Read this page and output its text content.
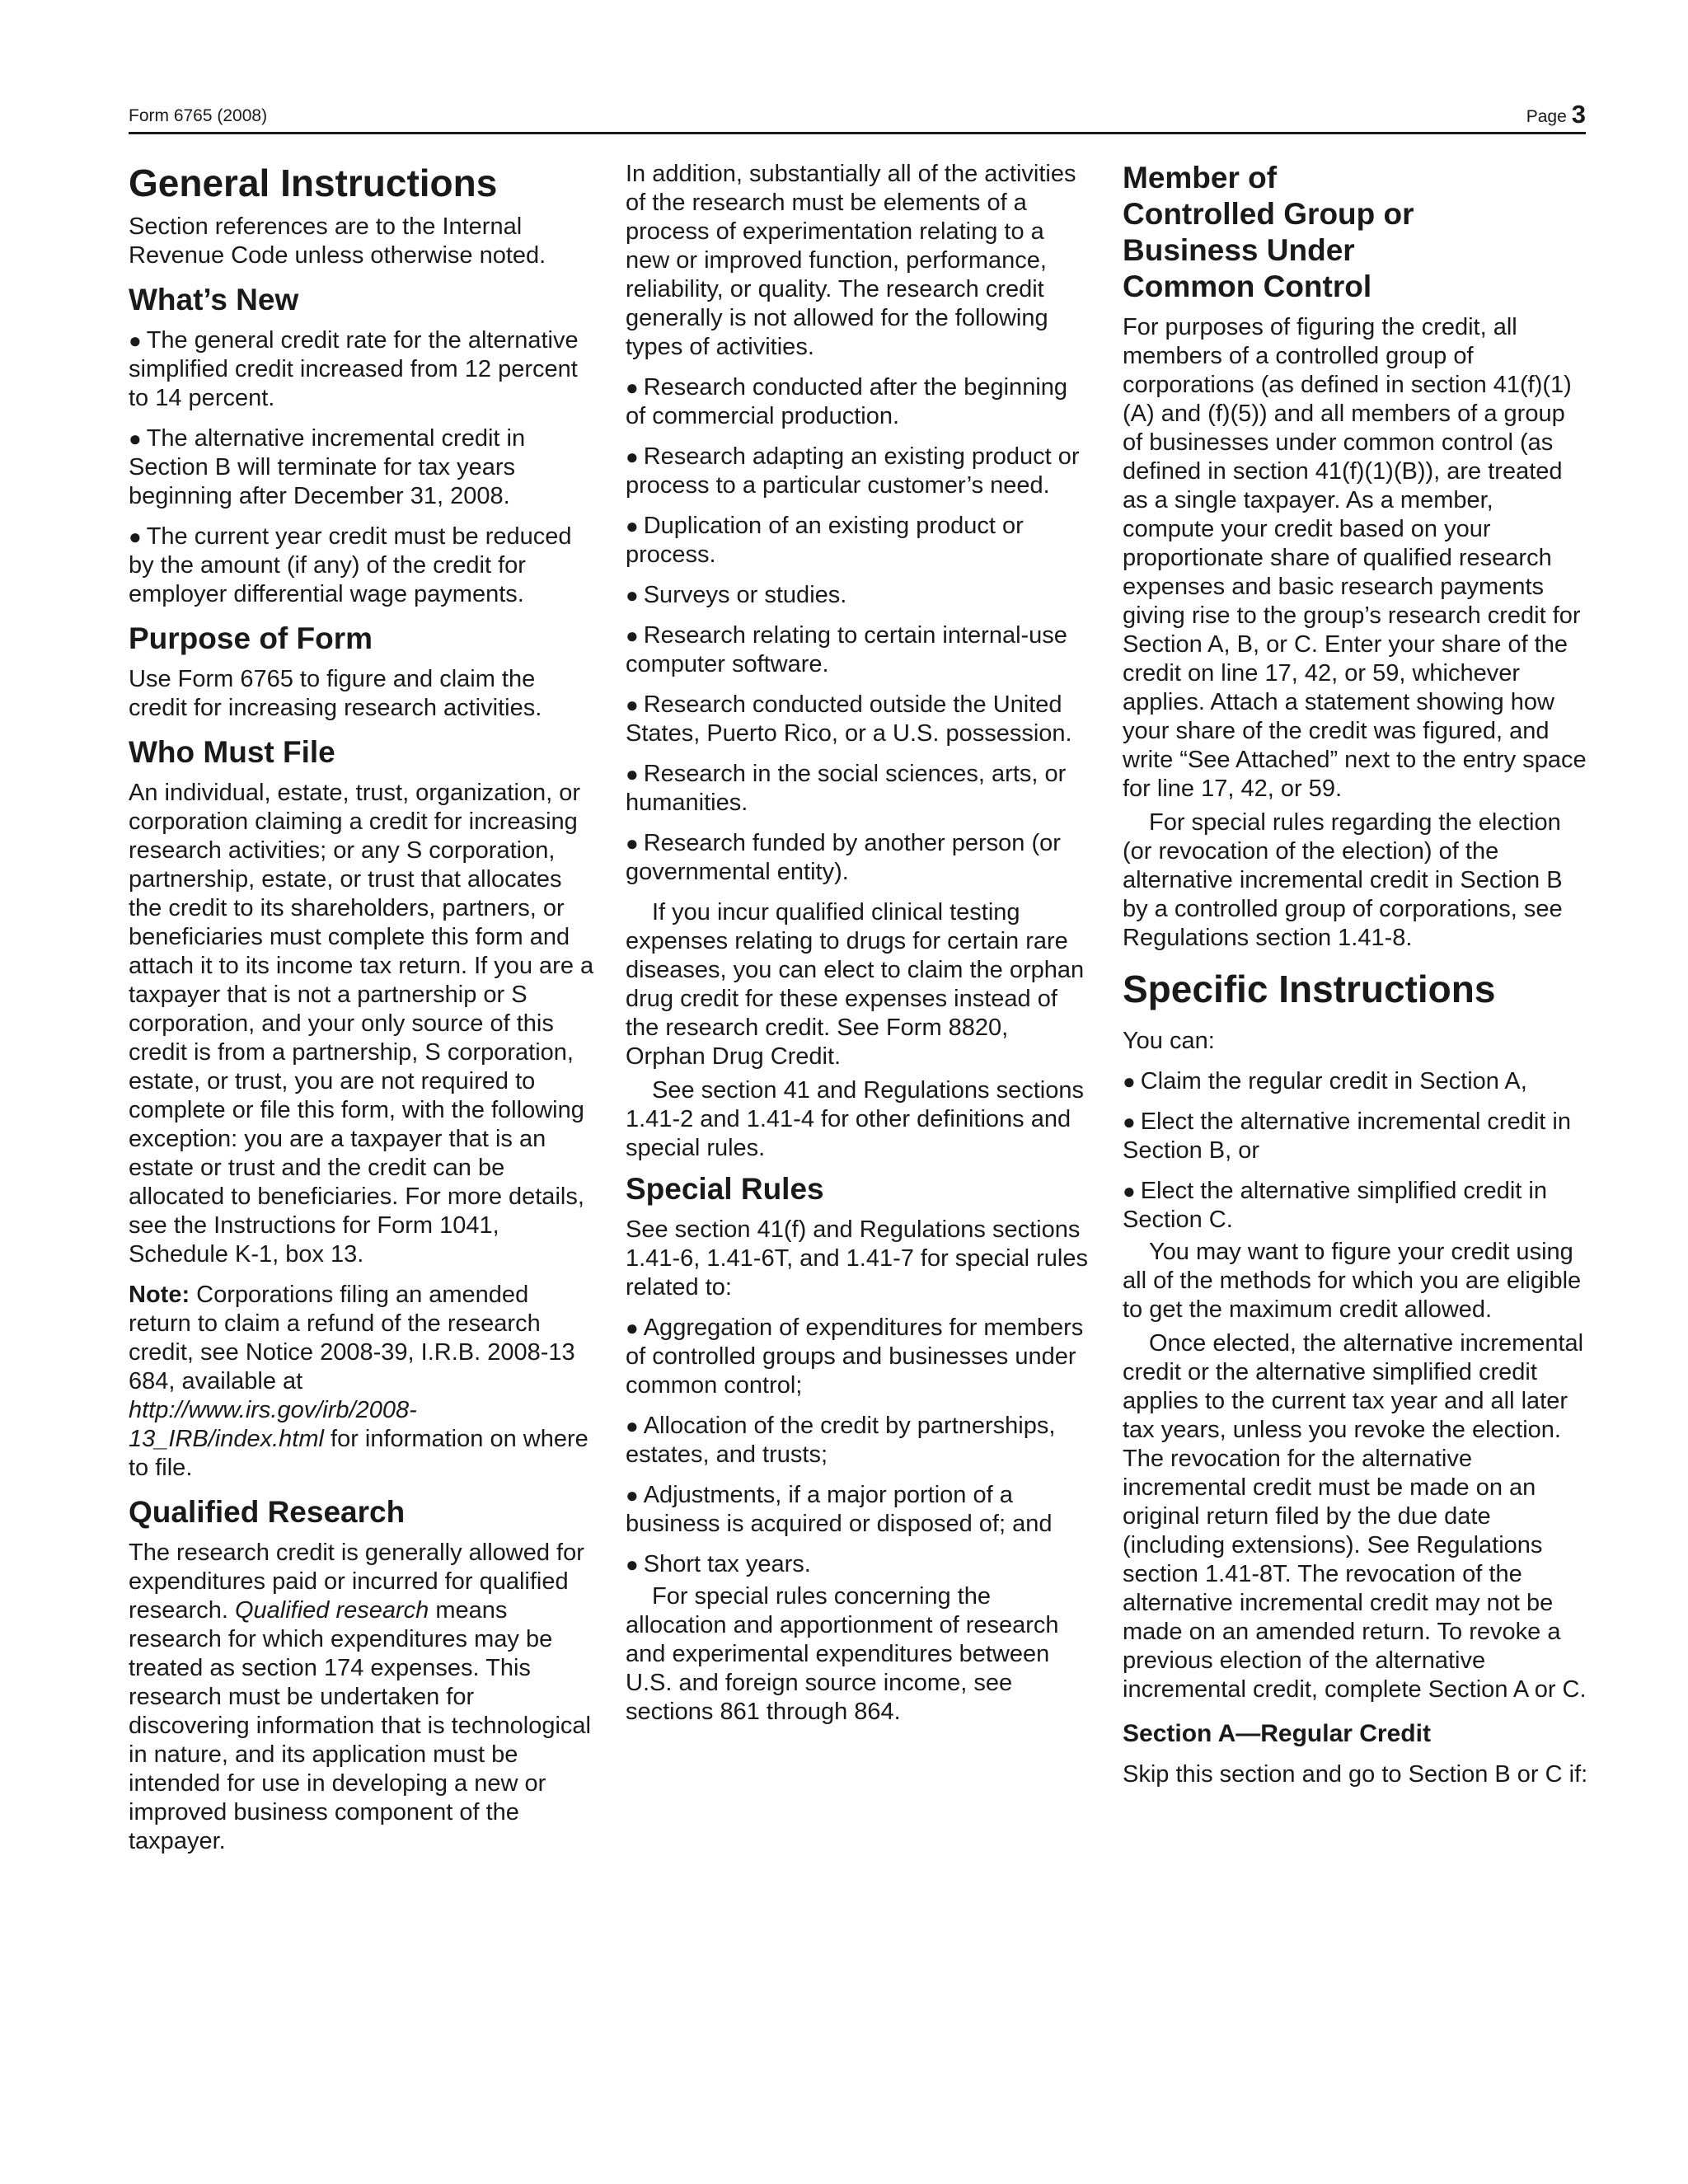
Form 6765 (2008)	Page 3
General Instructions

Section references are to the Internal Revenue Code unless otherwise noted.

What’s New
● The general credit rate for the alternative simplified credit increased from 12 percent to 14 percent.
● The alternative incremental credit in Section B will terminate for tax years beginning after December 31, 2008.
● The current year credit must be reduced by the amount (if any) of the credit for employer differential wage payments.
Purpose of Form

Use Form 6765 to figure and claim the credit for increasing research activities.

Who Must File

An individual, estate, trust, organization, or corporation claiming a credit for increasing research activities; or any S corporation, partnership, estate, or trust that allocates the credit to its shareholders, partners, or beneficiaries must complete this form and attach it to its income tax return. If you are a taxpayer that is not a partnership or S corporation, and your only source of this credit is from a partnership, S corporation, estate, or trust, you are not required to complete or file this form, with the following exception: you are a taxpayer that is an estate or trust and the credit can be allocated to beneficiaries. For more details, see the Instructions for Form 1041, Schedule K-1, box 13.

Note: Corporations filing an amended return to claim a refund of the research credit, see Notice 2008-39, I.R.B. 2008-13 684, available at http://www.irs.gov/irb/2008-13_IRB/index.html for information on where to file.

Qualified Research

The research credit is generally allowed for expenditures paid or incurred for qualified research. Qualified research means research for which expenditures may be treated as section 174 expenses. This research must be undertaken for discovering information that is technological in nature, and its application must be intended for use in developing a new or improved business component of the taxpayer.

In addition, substantially all of the activities of the research must be elements of a process of experimentation relating to a new or improved function, performance, reliability, or quality. The research credit generally is not allowed for the following types of activities.

● Research conducted after the beginning of commercial production.
● Research adapting an existing product or process to a particular customer’s need.
● Duplication of an existing product or process.
● Surveys or studies.
● Research relating to certain internal-use computer software.
● Research conducted outside the United States, Puerto Rico, or a U.S. possession.
● Research in the social sciences, arts, or humanities.
● Research funded by another person (or governmental entity).

If you incur qualified clinical testing expenses relating to drugs for certain rare diseases, you can elect to claim the orphan drug credit for these expenses instead of the research credit. See Form 8820, Orphan Drug Credit.

See section 41 and Regulations sections 1.41-2 and 1.41-4 for other definitions and special rules.

Special Rules

See section 41(f) and Regulations sections 1.41-6, 1.41-6T, and 1.41-7 for special rules related to:

● Aggregation of expenditures for members of controlled groups and businesses under common control;
● Allocation of the credit by partnerships, estates, and trusts;
● Adjustments, if a major portion of a business is acquired or disposed of; and
● Short tax years.

For special rules concerning the allocation and apportionment of research and experimental expenditures between U.S. and foreign source income, see sections 861 through 864.

Member of
Controlled Group or
Business Under
Common Control

For purposes of figuring the credit, all members of a controlled group of corporations (as defined in section 41(f)(1)(A) and (f)(5)) and all members of a group of businesses under common control (as defined in section 41(f)(1)(B)), are treated as a single taxpayer. As a member, compute your credit based on your proportionate share of qualified research expenses and basic research payments giving rise to the group’s research credit for Section A, B, or C. Enter your share of the credit on line 17, 42, or 59, whichever applies. Attach a statement showing how your share of the credit was figured, and write “See Attached” next to the entry space for line 17, 42, or 59.

For special rules regarding the election (or revocation of the election) of the alternative incremental credit in Section B by a controlled group of corporations, see Regulations section 1.41-8.

Specific Instructions

You can:

● Claim the regular credit in Section A,
● Elect the alternative incremental credit in Section B, or
● Elect the alternative simplified credit in Section C.

You may want to figure your credit using all of the methods for which you are eligible to get the maximum credit allowed.

Once elected, the alternative incremental credit or the alternative simplified credit applies to the current tax year and all later tax years, unless you revoke the election. The revocation for the alternative incremental credit must be made on an original return filed by the due date (including extensions). See Regulations section 1.41-8T. The revocation of the alternative incremental credit may not be made on an amended return. To revoke a previous election of the alternative incremental credit, complete Section A or C.

Section A—Regular Credit

Skip this section and go to Section B or C if:
